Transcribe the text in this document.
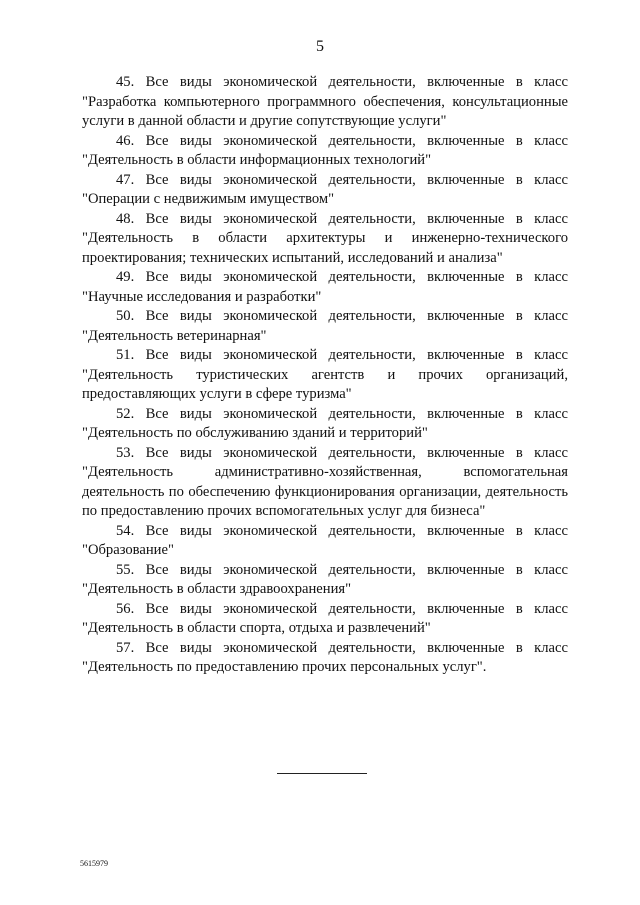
5

45. Все виды экономической деятельности, включенные в класс "Разработка компьютерного программного обеспечения, консультационные услуги в данной области и другие сопутствующие услуги"

46. Все виды экономической деятельности, включенные в класс "Деятельность в области информационных технологий"

47. Все виды экономической деятельности, включенные в класс "Операции с недвижимым имуществом"

48. Все виды экономической деятельности, включенные в класс "Деятельность в области архитектуры и инженерно-технического проектирования; технических испытаний, исследований и анализа"

49. Все виды экономической деятельности, включенные в класс "Научные исследования и разработки"

50. Все виды экономической деятельности, включенные в класс "Деятельность ветеринарная"

51. Все виды экономической деятельности, включенные в класс "Деятельность туристических агентств и прочих организаций, предоставляющих услуги в сфере туризма"

52. Все виды экономической деятельности, включенные в класс "Деятельность по обслуживанию зданий и территорий"

53. Все виды экономической деятельности, включенные в класс "Деятельность административно-хозяйственная, вспомогательная деятельность по обеспечению функционирования организации, деятельность по предоставлению прочих вспомогательных услуг для бизнеса"

54. Все виды экономической деятельности, включенные в класс "Образование"

55. Все виды экономической деятельности, включенные в класс "Деятельность в области здравоохранения"

56. Все виды экономической деятельности, включенные в класс "Деятельность в области спорта, отдыха и развлечений"

57. Все виды экономической деятельности, включенные в класс "Деятельность по предоставлению прочих персональных услуг".

5615979
